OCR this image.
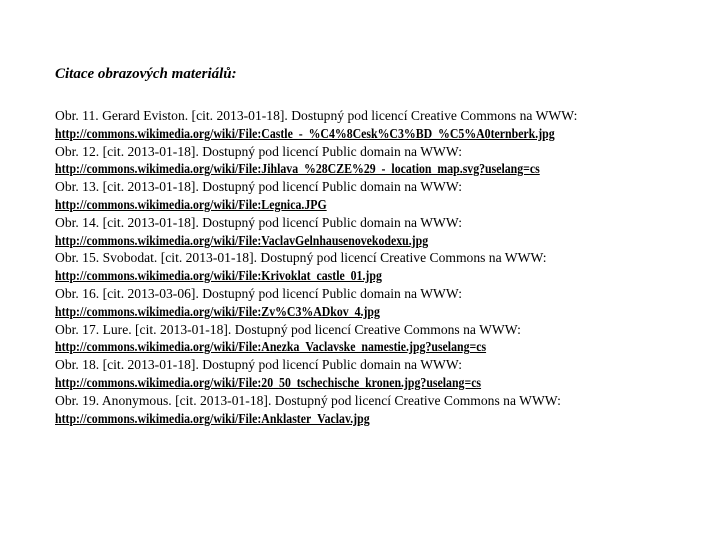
Citace obrazových materiálů:
Obr. 11. Gerard Eviston. [cit. 2013-01-18]. Dostupný pod licencí Creative Commons na WWW:
http://commons.wikimedia.org/wiki/File:Castle_-_%C4%8Cesk%C3%BD_%C5%A0ternberk.jpg
Obr. 12. [cit. 2013-01-18]. Dostupný pod licencí Public domain na WWW:
http://commons.wikimedia.org/wiki/File:Jihlava_%28CZE%29_-_location_map.svg?uselang=cs
Obr. 13. [cit. 2013-01-18]. Dostupný pod licencí Public domain na WWW:
http://commons.wikimedia.org/wiki/File:Legnica.JPG
Obr. 14. [cit. 2013-01-18]. Dostupný pod licencí Public domain na WWW:
http://commons.wikimedia.org/wiki/File:VaclavGelnhausenovekodexu.jpg
Obr. 15. Svobodat. [cit. 2013-01-18]. Dostupný pod licencí Creative Commons na WWW:
http://commons.wikimedia.org/wiki/File:Krivoklat_castle_01.jpg
Obr. 16. [cit. 2013-03-06]. Dostupný pod licencí Public domain na WWW:
http://commons.wikimedia.org/wiki/File:Zv%C3%ADkov_4.jpg
Obr. 17. Lure. [cit. 2013-01-18]. Dostupný pod licencí Creative Commons na WWW:
http://commons.wikimedia.org/wiki/File:Anezka_Vaclavske_namestie.jpg?uselang=cs
Obr. 18. [cit. 2013-01-18]. Dostupný pod licencí Public domain na WWW:
http://commons.wikimedia.org/wiki/File:20_50_tschechische_kronen.jpg?uselang=cs
Obr. 19. Anonymous. [cit. 2013-01-18]. Dostupný pod licencí Creative Commons na WWW:
http://commons.wikimedia.org/wiki/File:Anklaster_Vaclav.jpg
